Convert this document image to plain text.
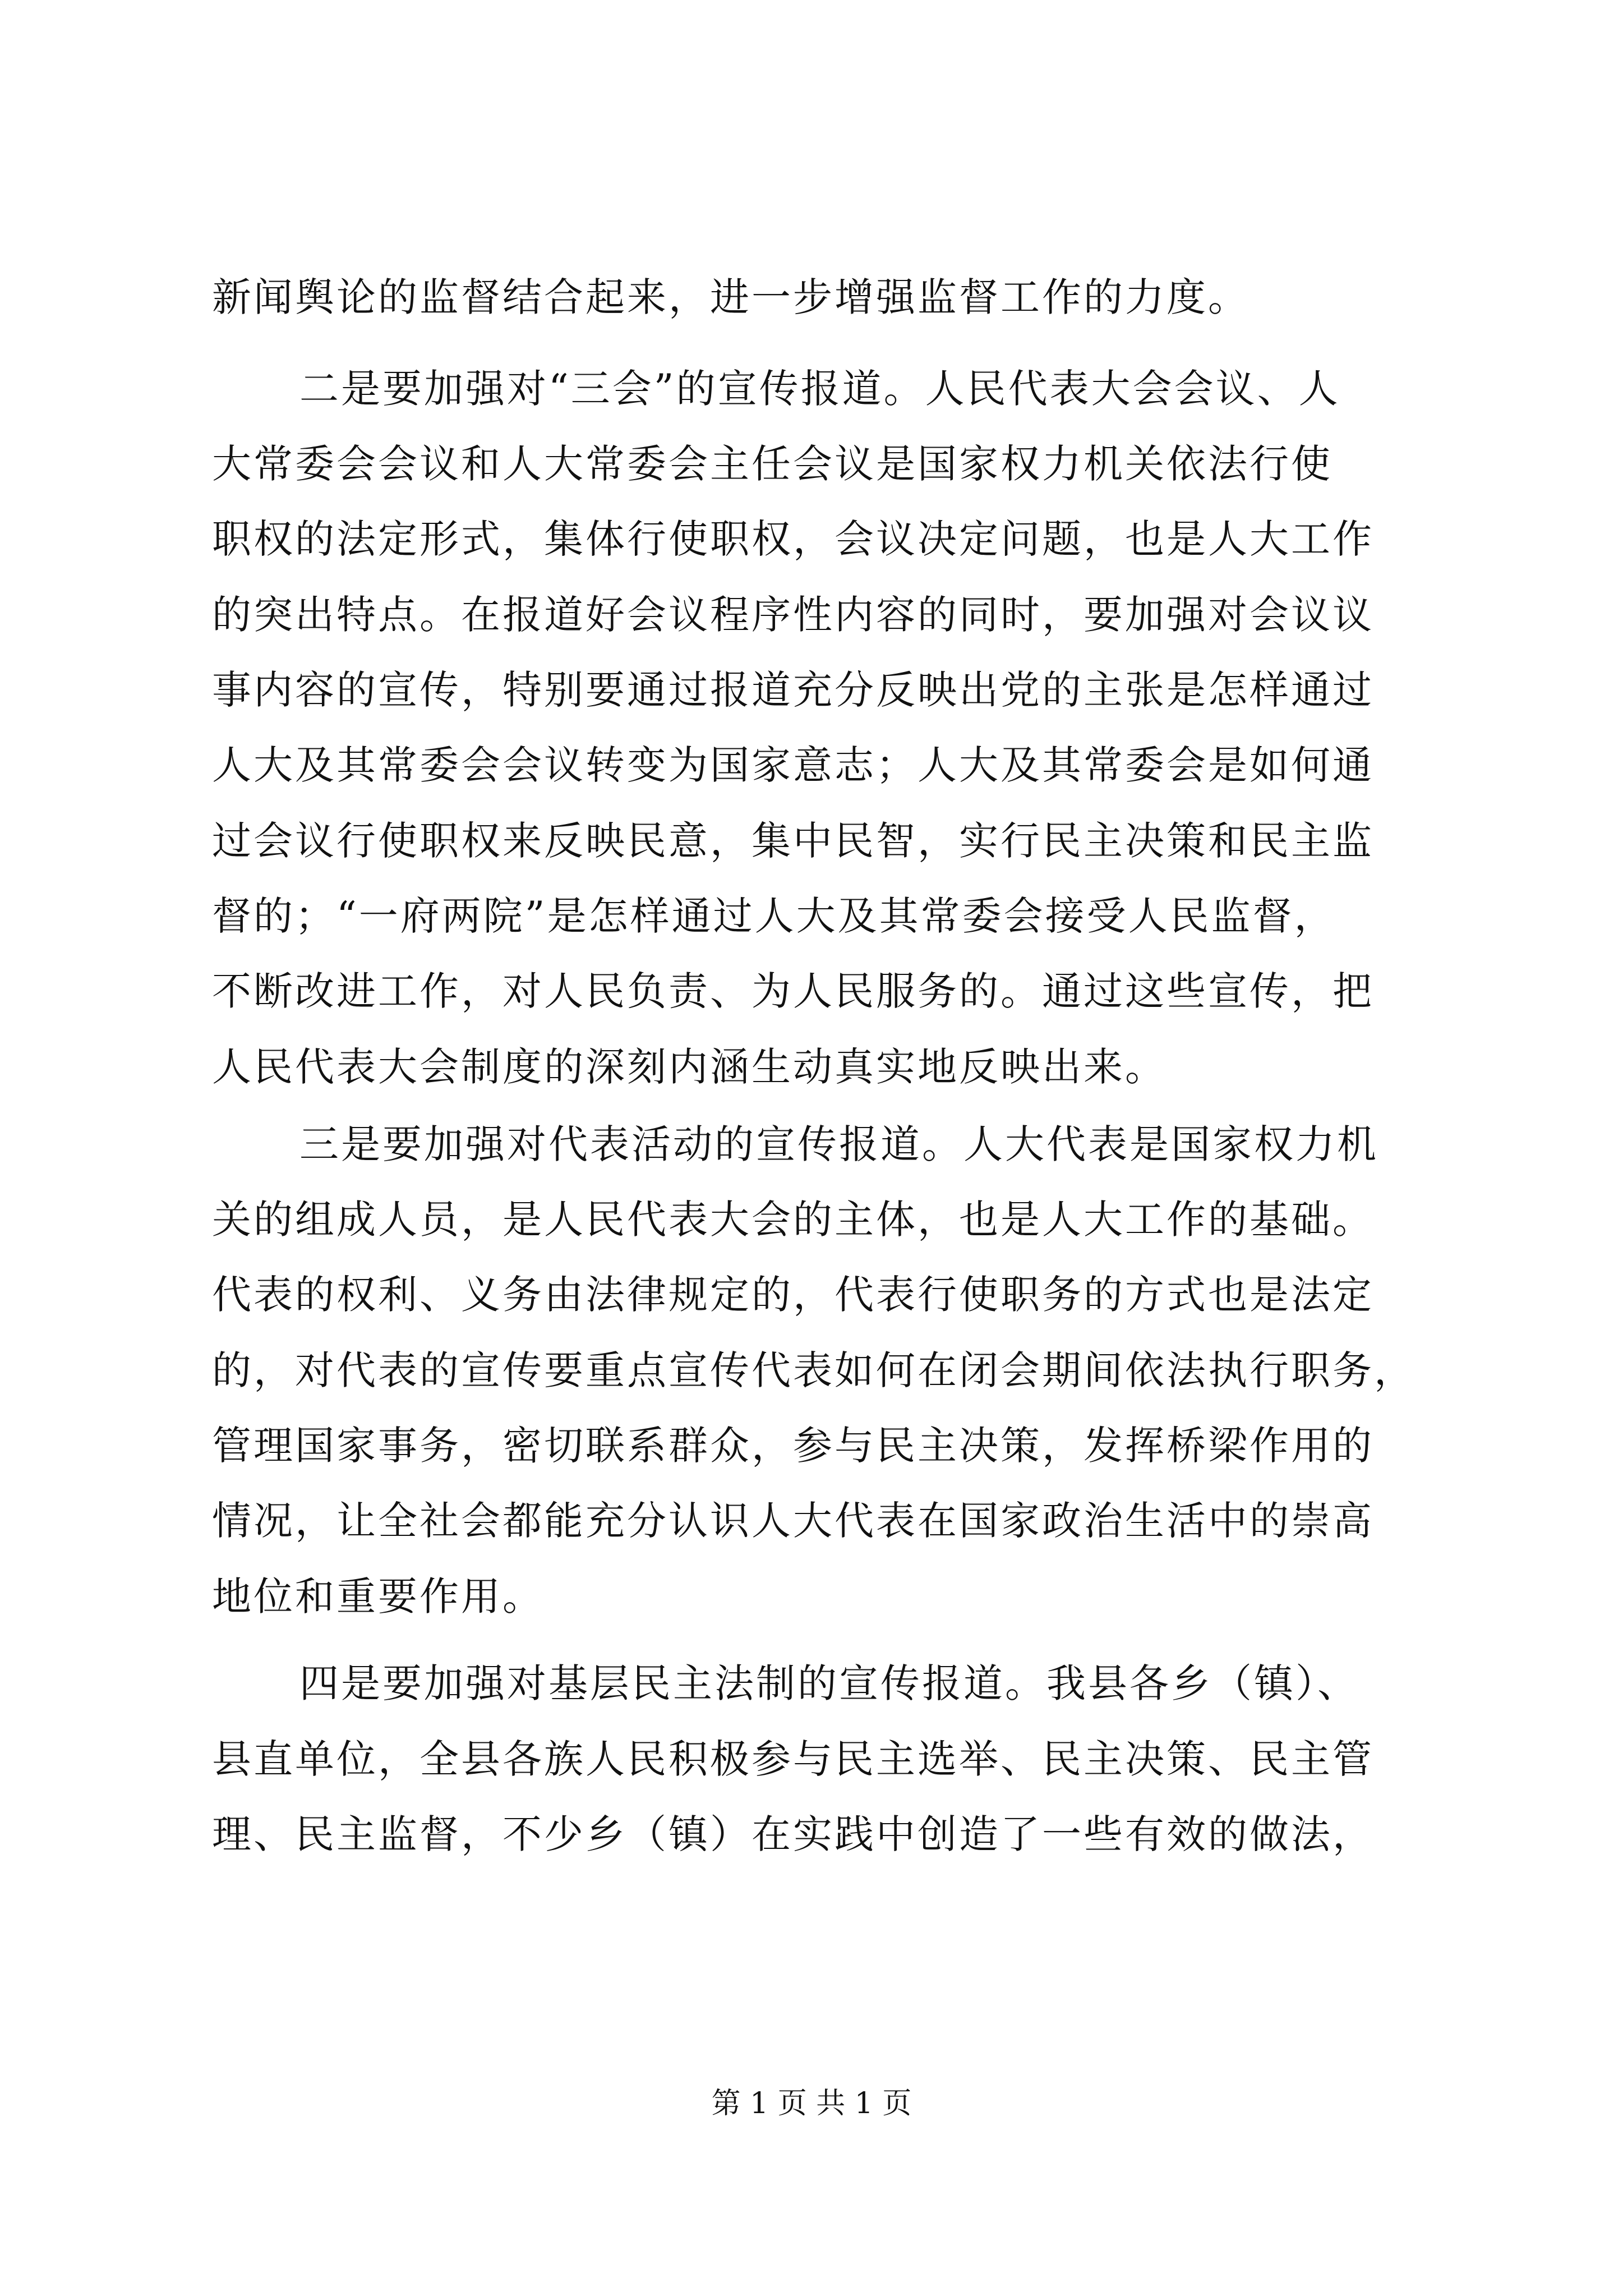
新闻舆论的监督结合起来，进一步增强监督工作的力度。
二是要加强对“三会”的宣传报道。人民代表大会会议、人
大常委会会议和人大常委会主任会议是国家权力机关依法行使
职权的法定形式，集体行使职权，会议决定问题，也是人大工作
的突出特点。在报道好会议程序性内容的同时，要加强对会议议
事内容的宣传，特别要通过报道充分反映出党的主张是怎样通过
人大及其常委会会议转变为国家意志；人大及其常委会是如何通
过会议行使职权来反映民意，集中民智，实行民主决策和民主监
督的；“一府两院”是怎样通过人大及其常委会接受人民监督，
不断改进工作，对人民负责、为人民服务的。通过这些宣传，把
人民代表大会制度的深刻内涵生动真实地反映出来。
三是要加强对代表活动的宣传报道。人大代表是国家权力机
关的组成人员，是人民代表大会的主体，也是人大工作的基础。
代表的权利、义务由法律规定的，代表行使职务的方式也是法定
的，对代表的宣传要重点宣传代表如何在闭会期间依法执行职务，
管理国家事务，密切联系群众，参与民主决策，发挥桥梁作用的
情况，让全社会都能充分认识人大代表在国家政治生活中的崇高
地位和重要作用。
四是要加强对基层民主法制的宣传报道。我县各乡（镇）、
县直单位，全县各族人民积极参与民主选举、民主决策、民主管
理、民主监督，不少乡（镇）在实践中创造了一些有效的做法，
第 1 页 共 1 页
